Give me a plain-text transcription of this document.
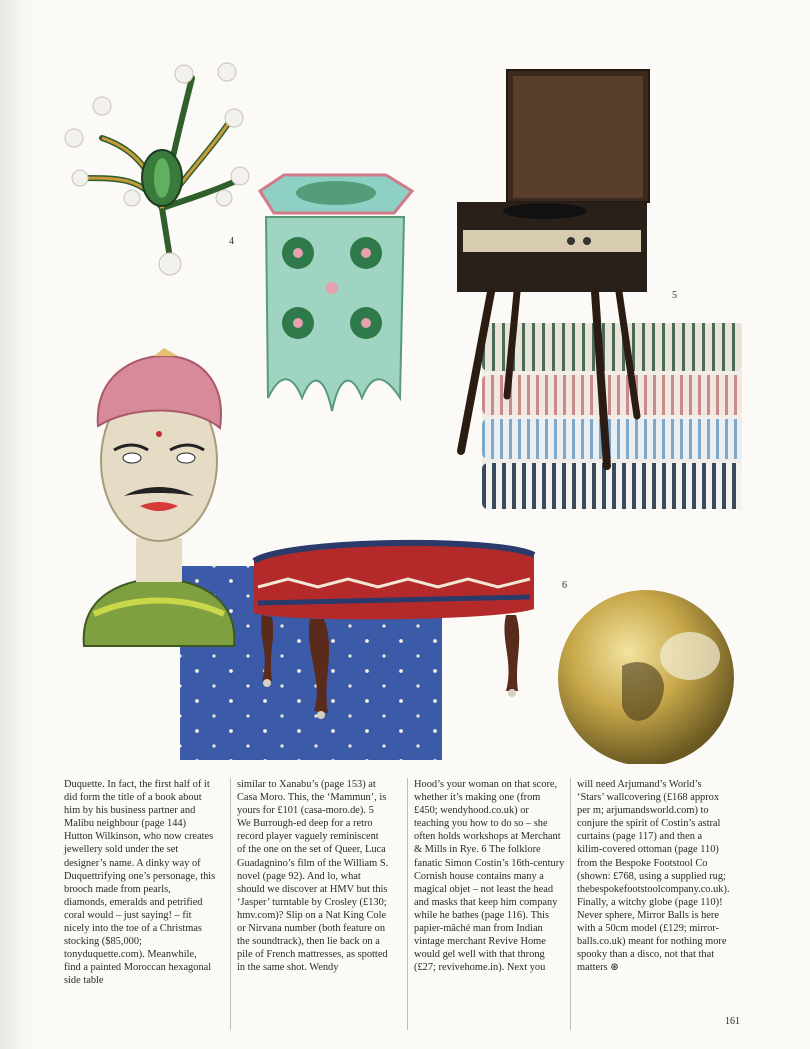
4
5
6

Duquette. In fact, the first half of it did form the title of a book about him by his business partner and Malibu neighbour (page 144) Hutton Wilkinson, who now creates jewellery sold under the set designer’s name. A dinky way of Duquettrifying one’s personage, this brooch made from pearls, diamonds, emeralds and petrified coral would – just saying! – fit nicely into the toe of a Christmas stocking ($85,000; tonyduquette.com). Meanwhile, find a painted Moroccan hexagonal side table

similar to Xanabu’s (page 153) at Casa Moro. This, the ‘Mammun’, is yours for £101 (casa-moro.de). 5 We Burrough-ed deep for a retro record player vaguely reminiscent of the one on the set of Queer, Luca Guadagnino’s film of the William S. novel (page 92). And lo, what should we discover at HMV but this ‘Jasper’ turntable by Crosley (£130; hmv.com)? Slip on a Nat King Cole or Nirvana number (both feature on the soundtrack), then lie back on a pile of French mattresses, as spotted in the same shot. Wendy

Hood’s your woman on that score, whether it’s making one (from £450; wendyhood.co.uk) or teaching you how to do so – she often holds workshops at Merchant & Mills in Rye. 6 The folklore fanatic Simon Costin’s 16th-century Cornish house contains many a magical objet – not least the head and masks that keep him company while he bathes (page 116). This papier-mâché man from Indian vintage merchant Revive Home would gel well with that throng (£27; revivehome.in). Next you

will need Arjumand’s World’s ‘Stars’ wallcovering (£168 approx per m; arjumandsworld.com) to conjure the spirit of Costin’s astral curtains (page 117) and then a kilim-covered ottoman (page 110) from the Bespoke Footstool Co (shown: £768, using a supplied rug; thebespokefootstoolcompany.co.uk). Finally, a witchy globe (page 110)! Never sphere, Mirror Balls is here with a 50cm model (£129; mirror-balls.co.uk) meant for nothing more spooky than a disco, not that that matters ⊛

161
